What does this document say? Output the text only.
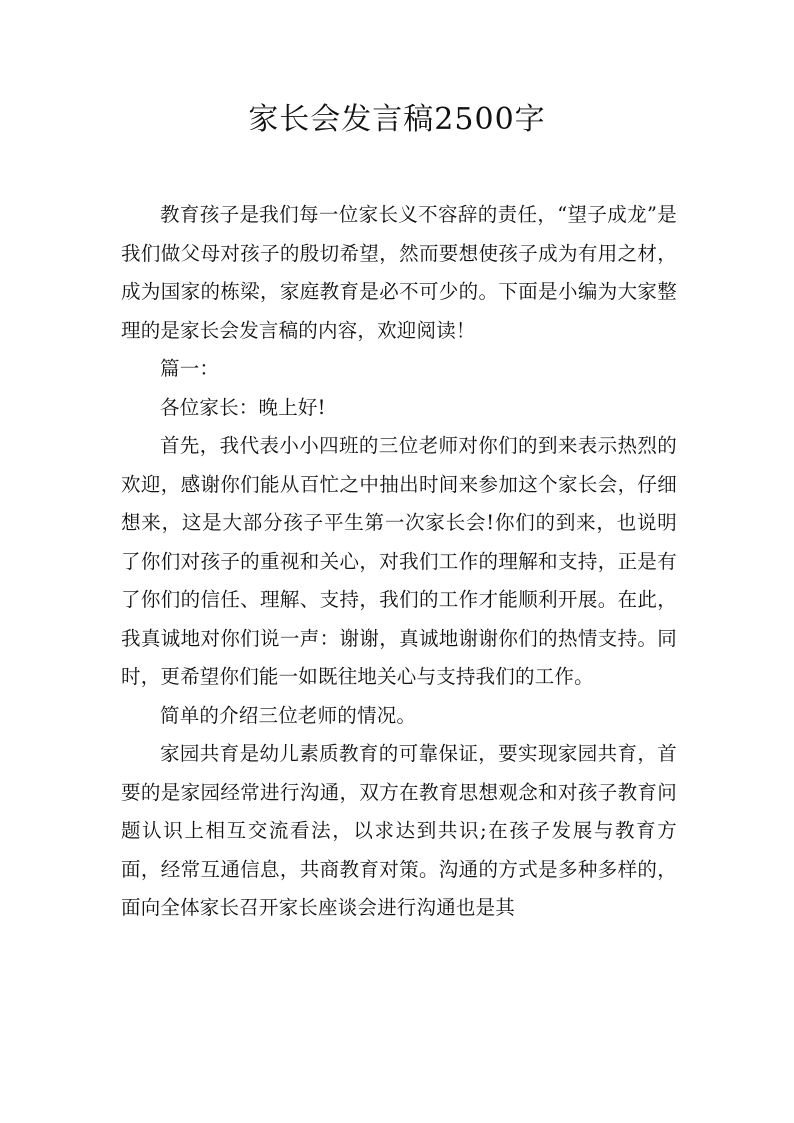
家长会发言稿2500字

教育孩子是我们每一位家长义不容辞的责任，“望子成龙”是我们做父母对孩子的殷切希望，然而要想使孩子成为有用之材，成为国家的栋梁，家庭教育是必不可少的。下面是小编为大家整理的是家长会发言稿的内容，欢迎阅读！

篇一：

各位家长：晚上好!

首先，我代表小小四班的三位老师对你们的到来表示热烈的欢迎，感谢你们能从百忙之中抽出时间来参加这个家长会，仔细想来，这是大部分孩子平生第一次家长会!你们的到来，也说明了你们对孩子的重视和关心，对我们工作的理解和支持，正是有了你们的信任、理解、支持，我们的工作才能顺利开展。在此，我真诚地对你们说一声：谢谢，真诚地谢谢你们的热情支持。同时，更希望你们能一如既往地关心与支持我们的工作。

简单的介绍三位老师的情况。

家园共育是幼儿素质教育的可靠保证，要实现家园共育，首要的是家园经常进行沟通，双方在教育思想观念和对孩子教育问题认识上相互交流看法，以求达到共识;在孩子发展与教育方面，经常互通信息，共商教育对策。沟通的方式是多种多样的，面向全体家长召开家长座谈会进行沟通也是其
